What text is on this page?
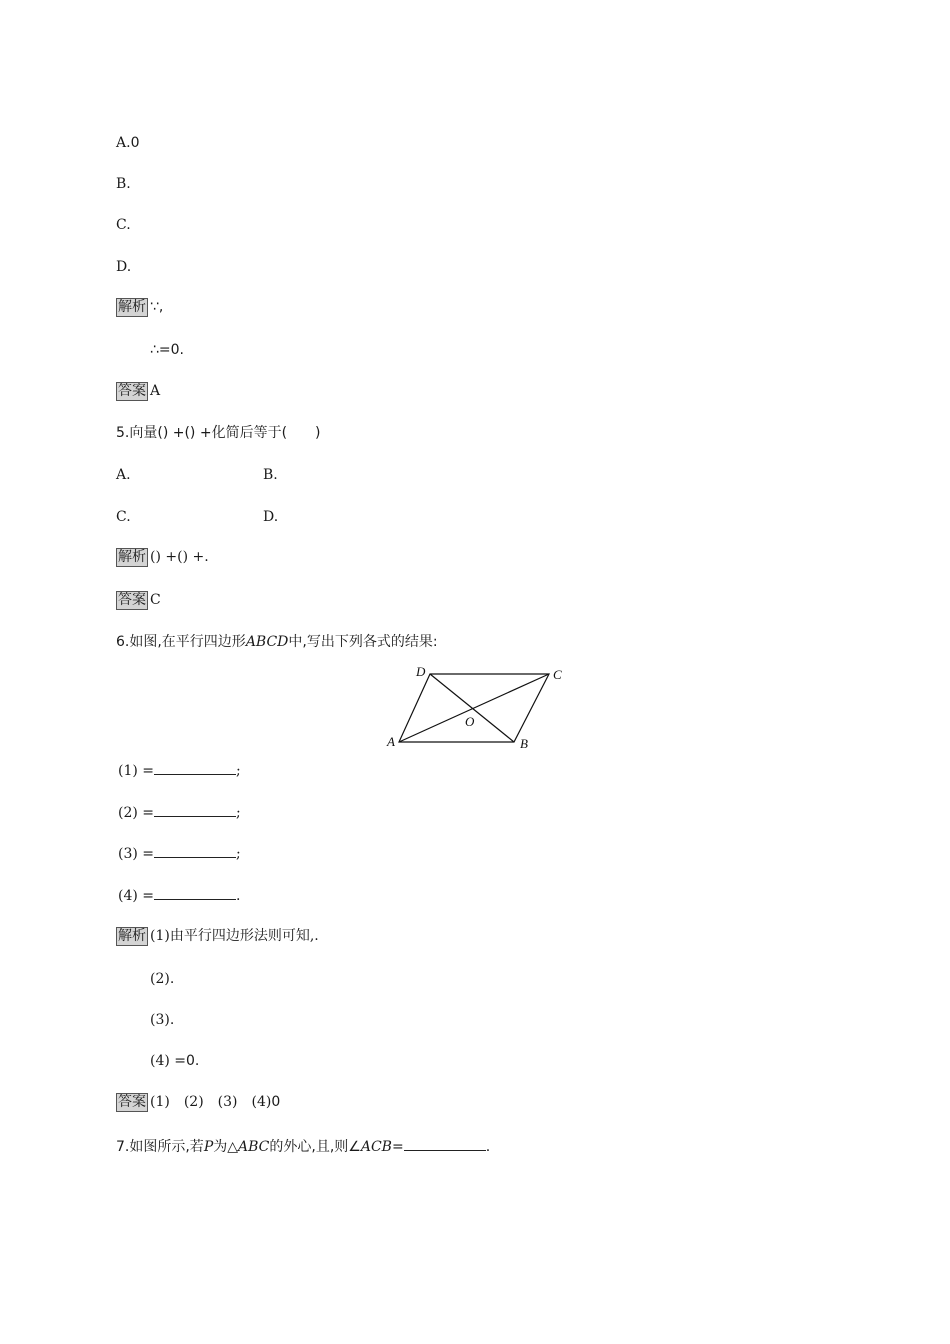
A.0
B.
C.
D.
解析 ∵,
∴=0.
答案 A
5.向量() +() +化简后等于(　　)
A.	B.
C.	D.
解析 () +() +.
答案 C
6.如图,在平行四边形ABCD中,写出下列各式的结果:
D	C
O
A	B
(1) =	;
(2) =	;
(3) =	;
(4) =	.
解析 (1)由平行四边形法则可知,.
(2).
(3).
(4) =0.
答案 (1)　(2)　(3)　(4)0
7.如图所示,若P为△ABC的外心,且,则∠ACB=	.
